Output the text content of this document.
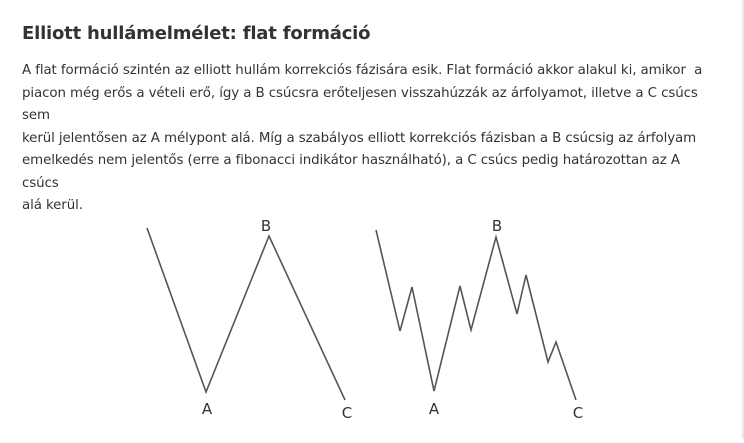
Elliott hullámelmélet: flat formáció

A flat formáció szintén az elliott hullám korrekciós fázisára esik. Flat formáció akkor alakul ki, amikor  a
piacon még erős a vételi erő, így a B csúcsra erőteljesen visszahúzzák az árfolyamot, illetve a C csúcs sem
kerül jelentősen az A mélypont alá. Míg a szabályos elliott korrekciós fázisban a B csúcsig az árfolyam
emelkedés nem jelentős (erre a fibonacci indikátor használható), a C csúcs pedig határozottan az A csúcs
alá kerül.

B
A	C
B
A	C
